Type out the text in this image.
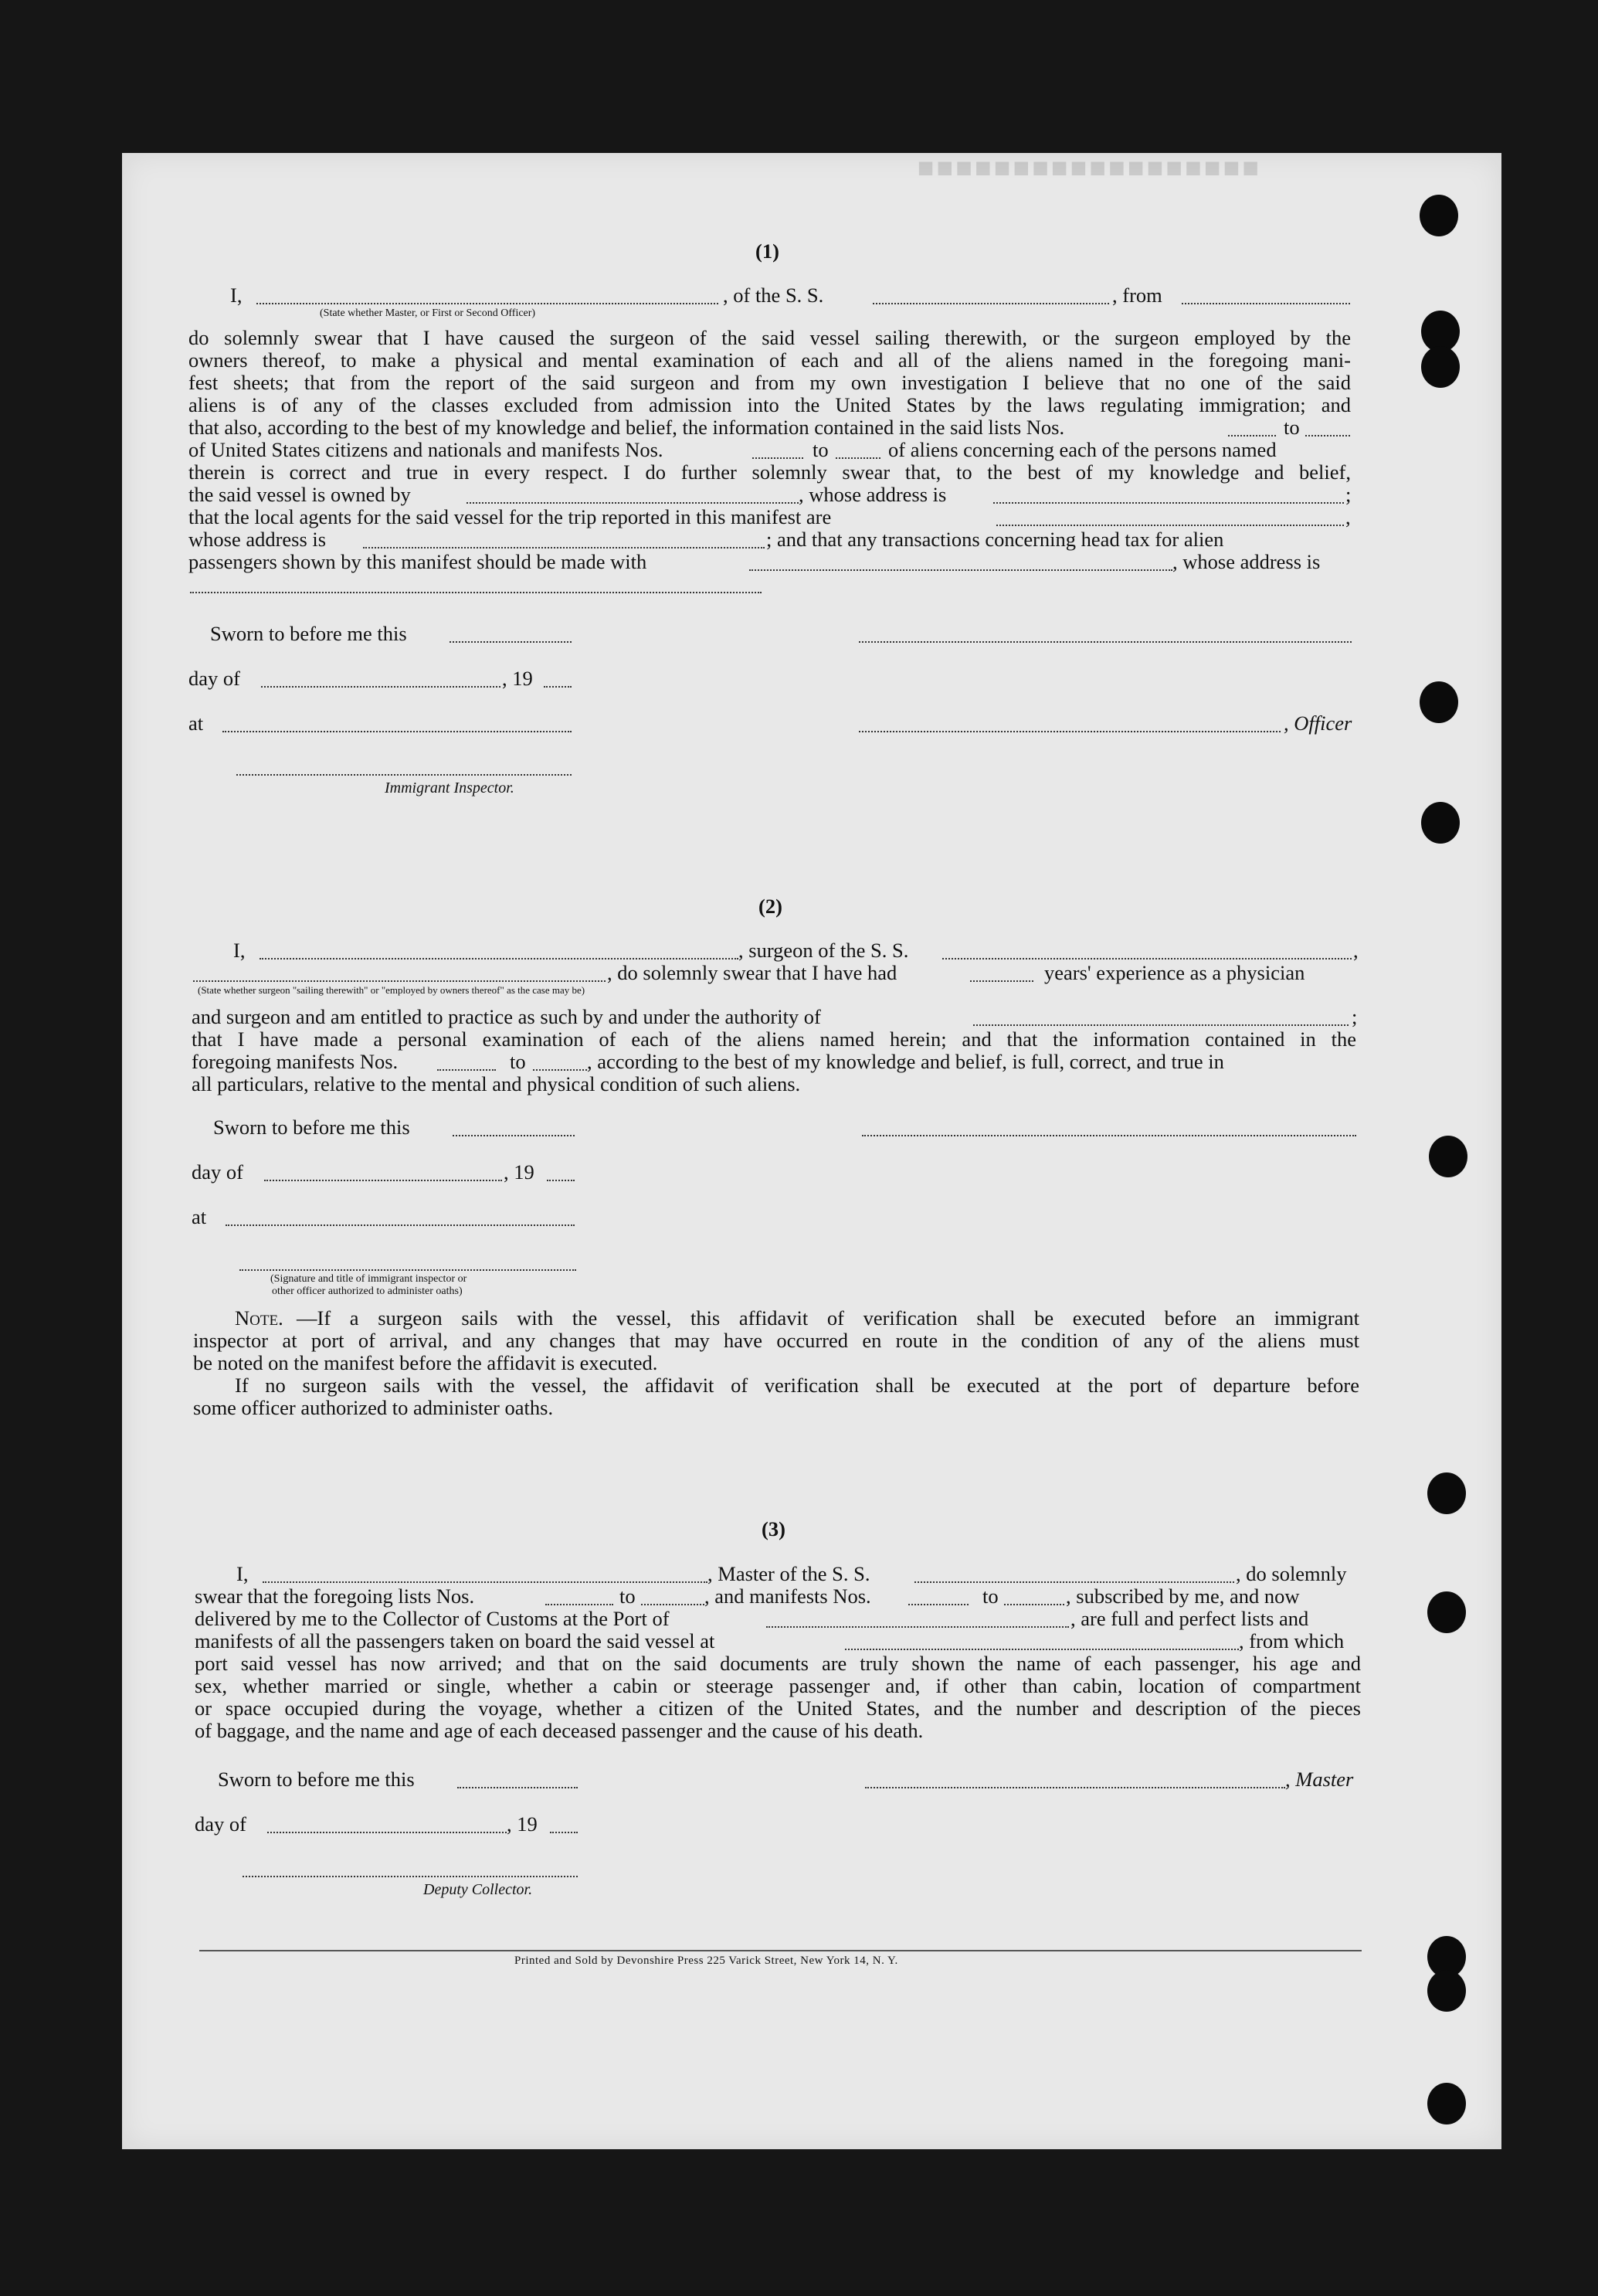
■■■■■■■■■■■■■■■■■■
(1)
I,	, of the S. S.	, from
(State whether Master, or First or Second Officer)
do solemnly swear that I have caused the surgeon of the said vessel sailing therewith, or the surgeon employed by the
owners thereof, to make a physical and mental examination of each and all of the aliens named in the foregoing mani-
fest sheets; that from the report of the said surgeon and from my own investigation I believe that no one of the said
aliens is of any of the classes excluded from admission into the United States by the laws regulating immigration; and
that also, according to the best of my knowledge and belief, the information contained in the said lists Nos.	to
of United States citizens and nationals and manifests Nos.	to	of aliens concerning each of the persons named
therein is correct and true in every respect. I do further solemnly swear that, to the best of my knowledge and belief,
the said vessel is owned by	, whose address is	;
that the local agents for the said vessel for the trip reported in this manifest are	,
whose address is	; and that any transactions concerning head tax for alien
passengers shown by this manifest should be made with	, whose address is
Sworn to before me this
day of	, 19
at	, Officer
Immigrant Inspector.
(2)
I,	, surgeon of the S. S.	,
, do solemnly swear that I have had	years' experience as a physician
(State whether surgeon "sailing therewith" or "employed by owners thereof" as the case may be)
and surgeon and am entitled to practice as such by and under the authority of	;
that I have made a personal examination of each of the aliens named herein; and that the information contained in the
foregoing manifests Nos.	to	, according to the best of my knowledge and belief, is full, correct, and true in
all particulars, relative to the mental and physical condition of such aliens.
Sworn to before me this
day of	, 19
at
(Signature and title of immigrant inspector or
other officer authorized to administer oaths)
Note. —If a surgeon sails with the vessel, this affidavit of verification shall be executed before an immigrant
inspector at port of arrival, and any changes that may have occurred en route in the condition of any of the aliens must
be noted on the manifest before the affidavit is executed.
If no surgeon sails with the vessel, the affidavit of verification shall be executed at the port of departure before
some officer authorized to administer oaths.
(3)
I,	, Master of the S. S.	, do solemnly
swear that the foregoing lists Nos.	to	, and manifests Nos.	to	, subscribed by me, and now
delivered by me to the Collector of Customs at the Port of	, are full and perfect lists and
manifests of all the passengers taken on board the said vessel at	, from which
port said vessel has now arrived; and that on the said documents are truly shown the name of each passenger, his age and
sex, whether married or single, whether a cabin or steerage passenger and, if other than cabin, location of compartment
or space occupied during the voyage, whether a citizen of the United States, and the number and description of the pieces
of baggage, and the name and age of each deceased passenger and the cause of his death.
Sworn to before me this	, Master
day of	, 19
Deputy Collector.
Printed and Sold by Devonshire Press 225 Varick Street, New York 14, N. Y.
